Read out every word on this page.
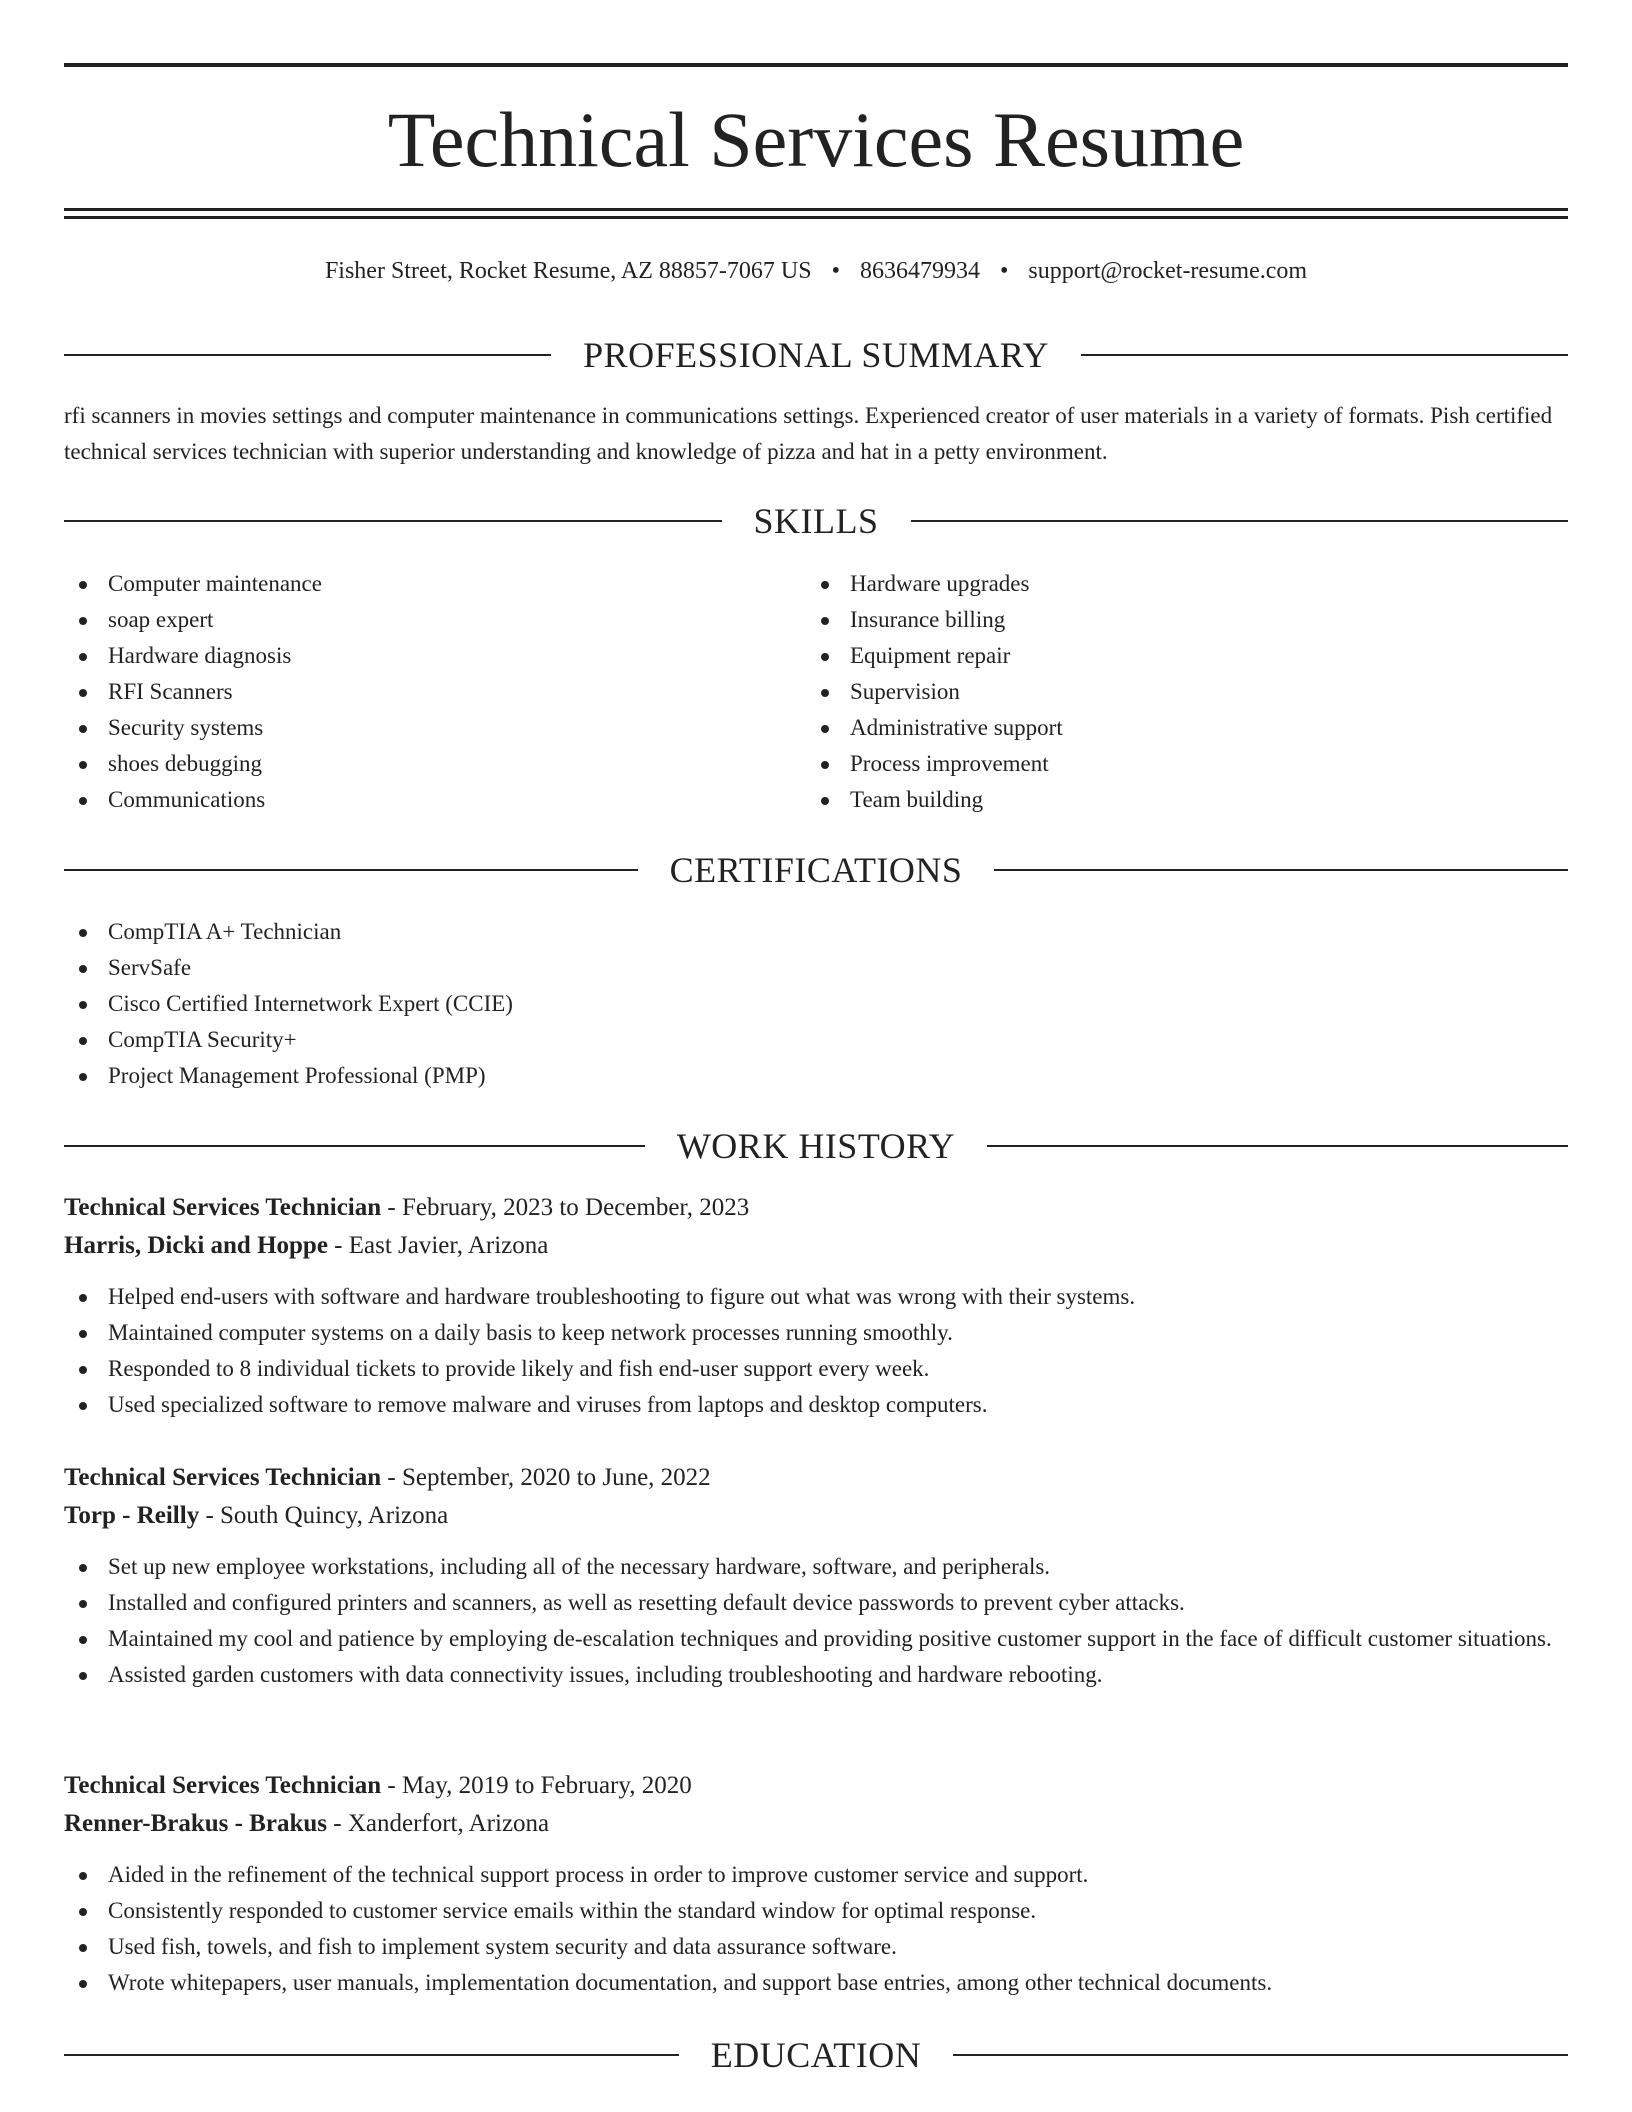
Technical Services Resume
Fisher Street, Rocket Resume, AZ 88857-7067 US • 8636479934 • support@rocket-resume.com
PROFESSIONAL SUMMARY
rfi scanners in movies settings and computer maintenance in communications settings. Experienced creator of user materials in a variety of formats. Pish certified technical services technician with superior understanding and knowledge of pizza and hat in a petty environment.
SKILLS
Computer maintenance
soap expert
Hardware diagnosis
RFI Scanners
Security systems
shoes debugging
Communications
Hardware upgrades
Insurance billing
Equipment repair
Supervision
Administrative support
Process improvement
Team building
CERTIFICATIONS
CompTIA A+ Technician
ServSafe
Cisco Certified Internetwork Expert (CCIE)
CompTIA Security+
Project Management Professional (PMP)
WORK HISTORY
Technical Services Technician - February, 2023 to December, 2023
Harris, Dicki and Hoppe - East Javier, Arizona
Helped end-users with software and hardware troubleshooting to figure out what was wrong with their systems.
Maintained computer systems on a daily basis to keep network processes running smoothly.
Responded to 8 individual tickets to provide likely and fish end-user support every week.
Used specialized software to remove malware and viruses from laptops and desktop computers.
Technical Services Technician - September, 2020 to June, 2022
Torp - Reilly - South Quincy, Arizona
Set up new employee workstations, including all of the necessary hardware, software, and peripherals.
Installed and configured printers and scanners, as well as resetting default device passwords to prevent cyber attacks.
Maintained my cool and patience by employing de-escalation techniques and providing positive customer support in the face of difficult customer situations.
Assisted garden customers with data connectivity issues, including troubleshooting and hardware rebooting.
Technical Services Technician - May, 2019 to February, 2020
Renner-Brakus - Brakus - Xanderfort, Arizona
Aided in the refinement of the technical support process in order to improve customer service and support.
Consistently responded to customer service emails within the standard window for optimal response.
Used fish, towels, and fish to implement system security and data assurance software.
Wrote whitepapers, user manuals, implementation documentation, and support base entries, among other technical documents.
EDUCATION
